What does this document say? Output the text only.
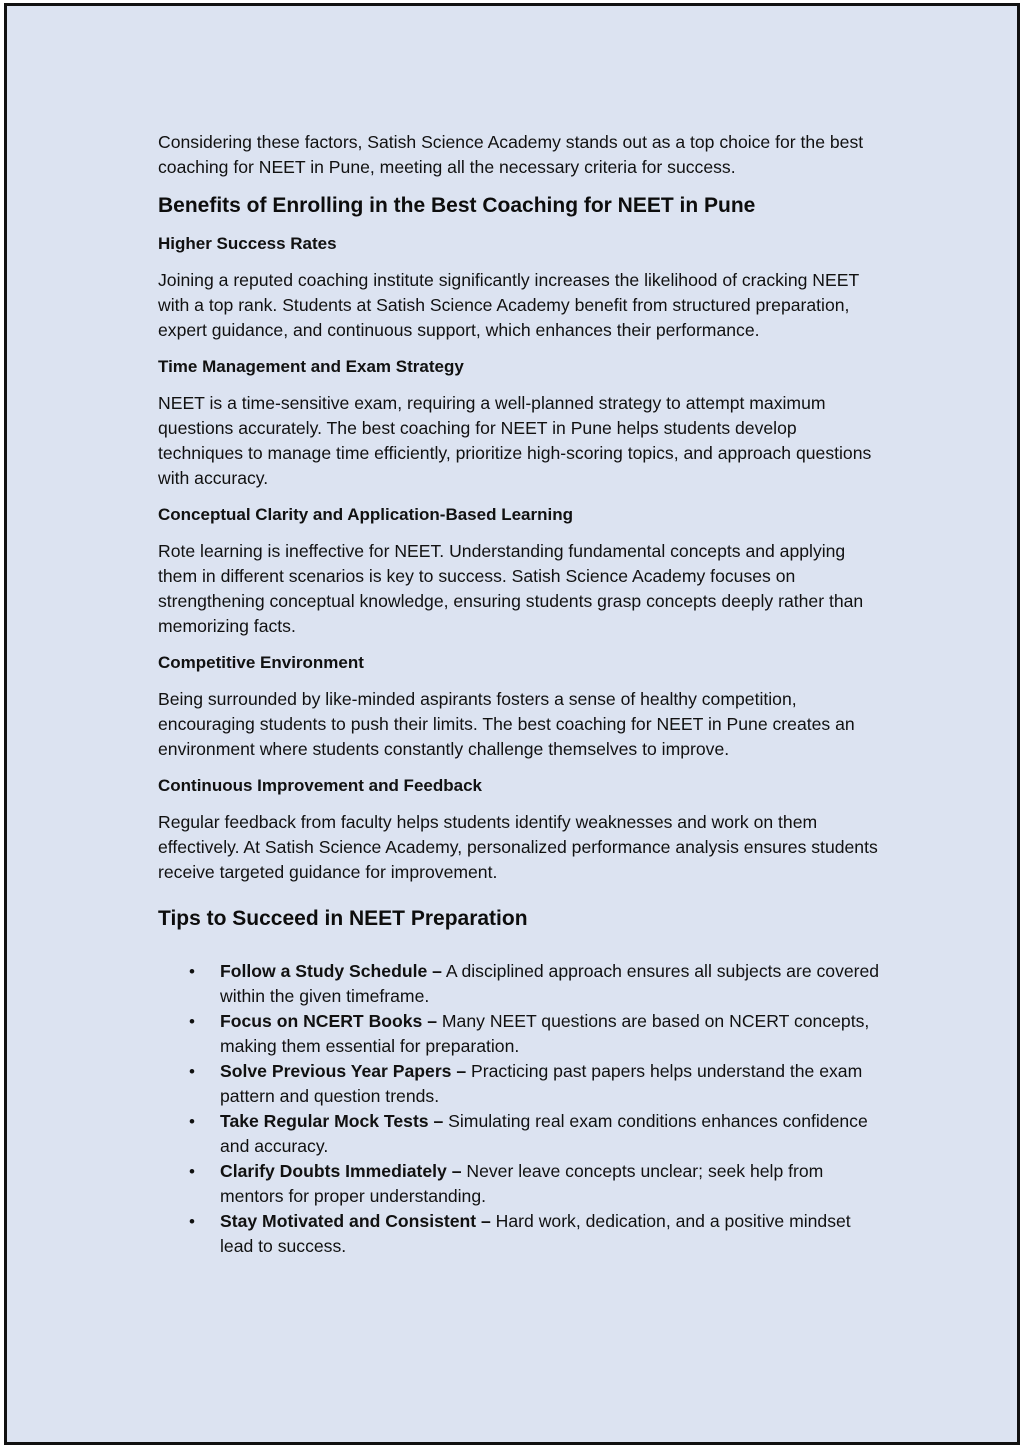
Considering these factors, Satish Science Academy stands out as a top choice for the best coaching for NEET in Pune, meeting all the necessary criteria for success.

Benefits of Enrolling in the Best Coaching for NEET in Pune
Higher Success Rates

Joining a reputed coaching institute significantly increases the likelihood of cracking NEET with a top rank. Students at Satish Science Academy benefit from structured preparation, expert guidance, and continuous support, which enhances their performance.

Time Management and Exam Strategy

NEET is a time-sensitive exam, requiring a well-planned strategy to attempt maximum questions accurately. The best coaching for NEET in Pune helps students develop techniques to manage time efficiently, prioritize high-scoring topics, and approach questions with accuracy.

Conceptual Clarity and Application-Based Learning

Rote learning is ineffective for NEET. Understanding fundamental concepts and applying them in different scenarios is key to success. Satish Science Academy focuses on strengthening conceptual knowledge, ensuring students grasp concepts deeply rather than memorizing facts.

Competitive Environment

Being surrounded by like-minded aspirants fosters a sense of healthy competition, encouraging students to push their limits. The best coaching for NEET in Pune creates an environment where students constantly challenge themselves to improve.

Continuous Improvement and Feedback

Regular feedback from faculty helps students identify weaknesses and work on them effectively. At Satish Science Academy, personalized performance analysis ensures students receive targeted guidance for improvement.

Tips to Succeed in NEET Preparation
• Follow a Study Schedule – A disciplined approach ensures all subjects are covered within the given timeframe.
• Focus on NCERT Books – Many NEET questions are based on NCERT concepts, making them essential for preparation.
• Solve Previous Year Papers – Practicing past papers helps understand the exam pattern and question trends.
• Take Regular Mock Tests – Simulating real exam conditions enhances confidence and accuracy.
• Clarify Doubts Immediately – Never leave concepts unclear; seek help from mentors for proper understanding.
• Stay Motivated and Consistent – Hard work, dedication, and a positive mindset lead to success.
